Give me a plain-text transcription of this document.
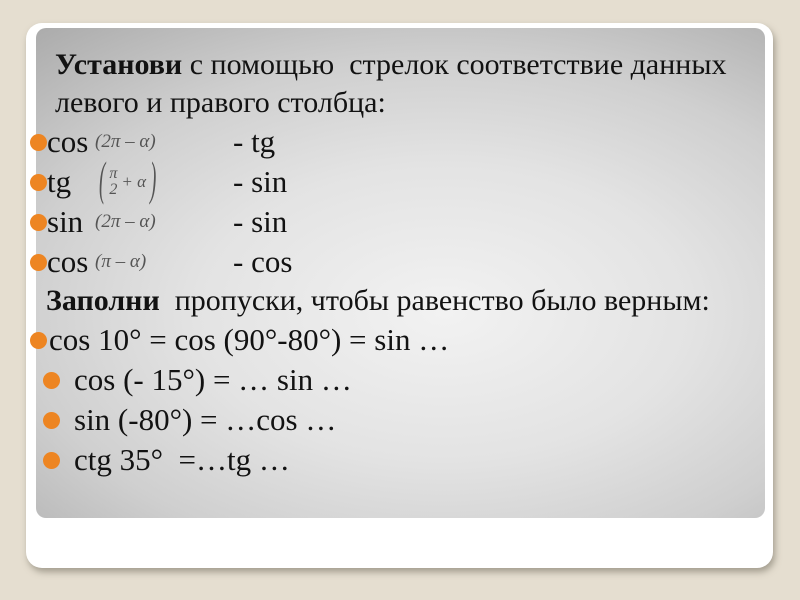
Установи с помощью  стрелок соответствие данных
левого и правого столбца:
cos (2π – α) - tg
tg	( π
2 + α ) - sin
sin (2π – α) - sin
cos (π – α)	- cos
Заполни  пропуски, чтобы равенство было верным:
cos 10° = cos (90°-80°) = sin …
cos (- 15°) = … sin …
sin (-80°) = …cos …
ctg 35°  =…tg …
